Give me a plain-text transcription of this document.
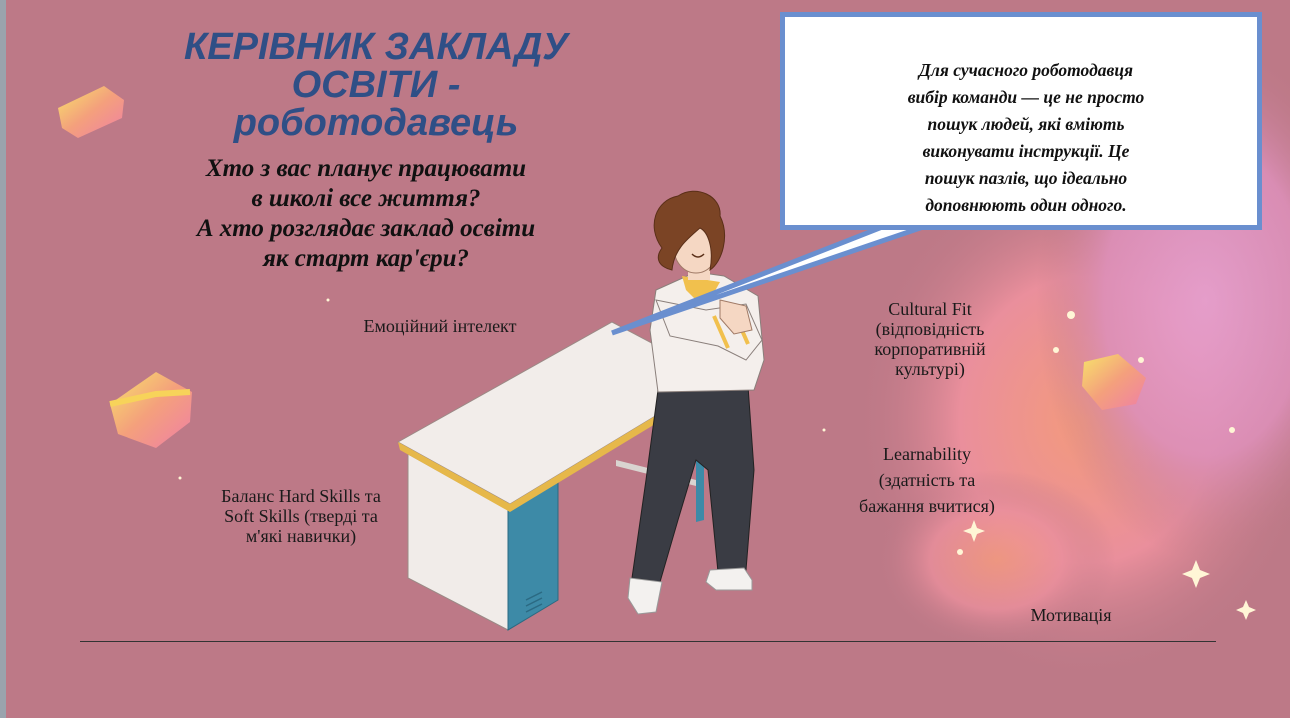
КЕРІВНИК ЗАКЛАДУ
ОСВІТИ -
роботодавець
Хто з вас планує працювати
в школі все життя?
А хто розглядає заклад освіти
як старт кар'єри?
Для сучасного роботодавця
вибір команди — це не просто
пошук людей, які вміють
виконувати інструкції. Це
пошук пазлів, що ідеально
доповнюють один одного.
Емоційний інтелект
Баланс Hard Skills та
Soft Skills (тверді та
м'які навички)
Cultural Fit
(відповідність
корпоративній
культурі)
Learnability
(здатність та
бажання вчитися)
Мотивація
